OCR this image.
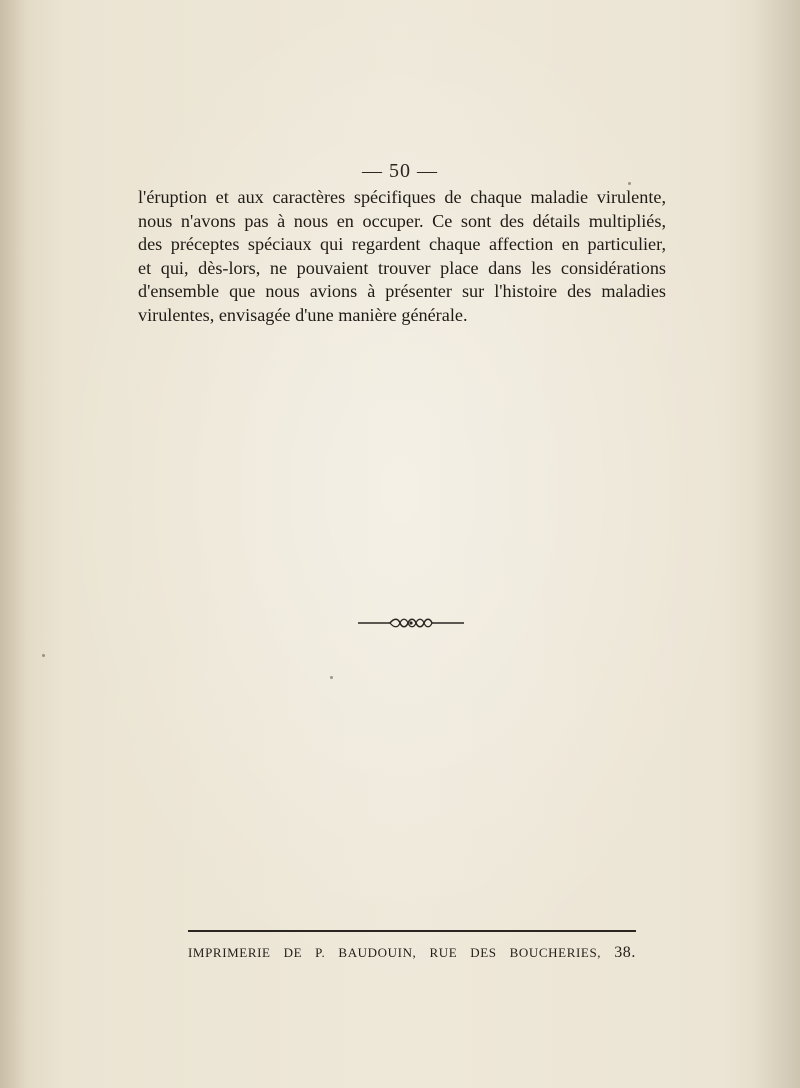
— 50 —
l'éruption et aux caractères spécifiques de chaque maladie virulente,
nous n'avons pas à nous en occuper. Ce sont des détails multipliés,
des préceptes spéciaux qui regardent chaque affection en particulier,
et qui, dès-lors, ne pouvaient trouver place dans les considérations
d'ensemble que nous avions à présenter sur l'histoire des maladies
virulentes, envisagée d'une manière générale.
IMPRIMERIE DE P. BAUDOUIN, RUE DES BOUCHERIES, 38.
